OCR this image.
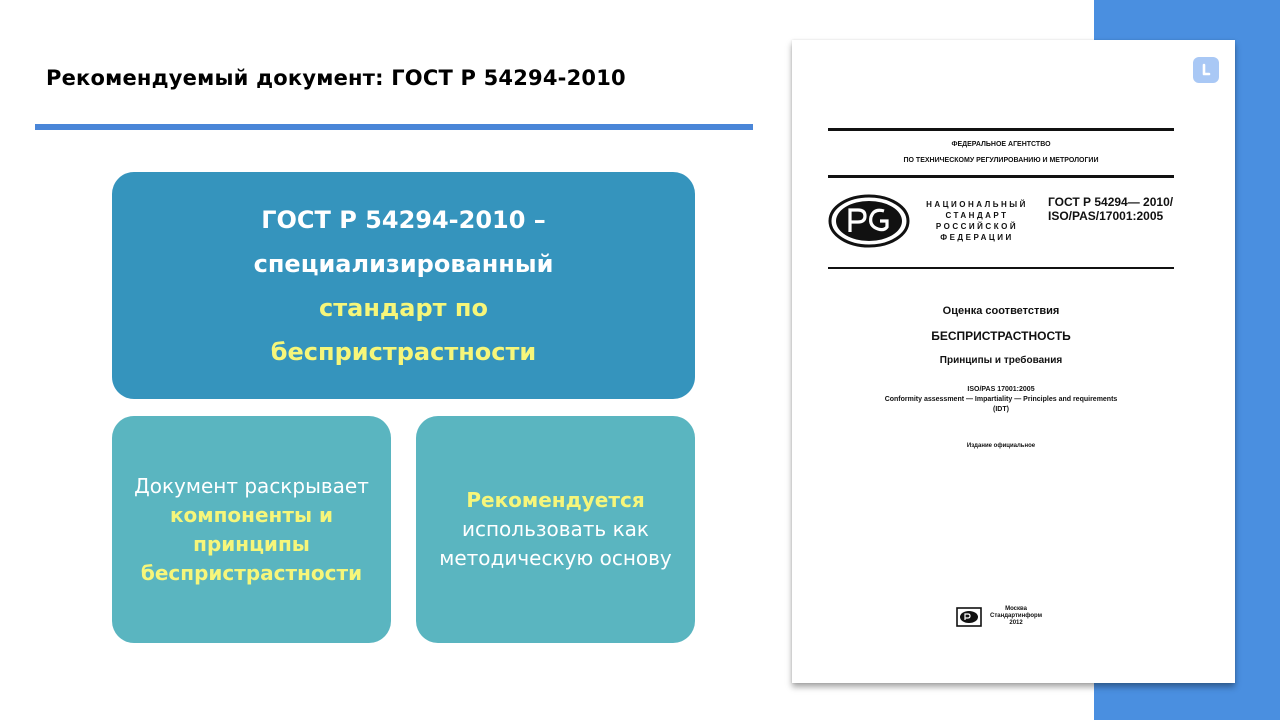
Рекомендуемый документ: ГОСТ Р 54294-2010
ГОСТ Р 54294-2010 –
специализированный
стандарт по беспристрастности
Документ раскрывает
компоненты и принципы беспристрастности
Рекомендуется
использовать как методическую основу
ФЕДЕРАЛЬНОЕ АГЕНТСТВО
ПО ТЕХНИЧЕСКОМУ РЕГУЛИРОВАНИЮ И МЕТРОЛОГИИ
НАЦИОНАЛЬНЫЙ СТАНДАРТ РОССИЙСКОЙ ФЕДЕРАЦИИ
ГОСТ Р 54294— 2010/ ISO/PAS/17001:2005
Оценка соответствия
БЕСПРИСТРАСТНОСТЬ
Принципы и требования
ISO/PAS 17001:2005
Conformity assessment — Impartiality — Principles and requirements
(IDT)
Издание официальное
Москва
Стандартинформ
2012
